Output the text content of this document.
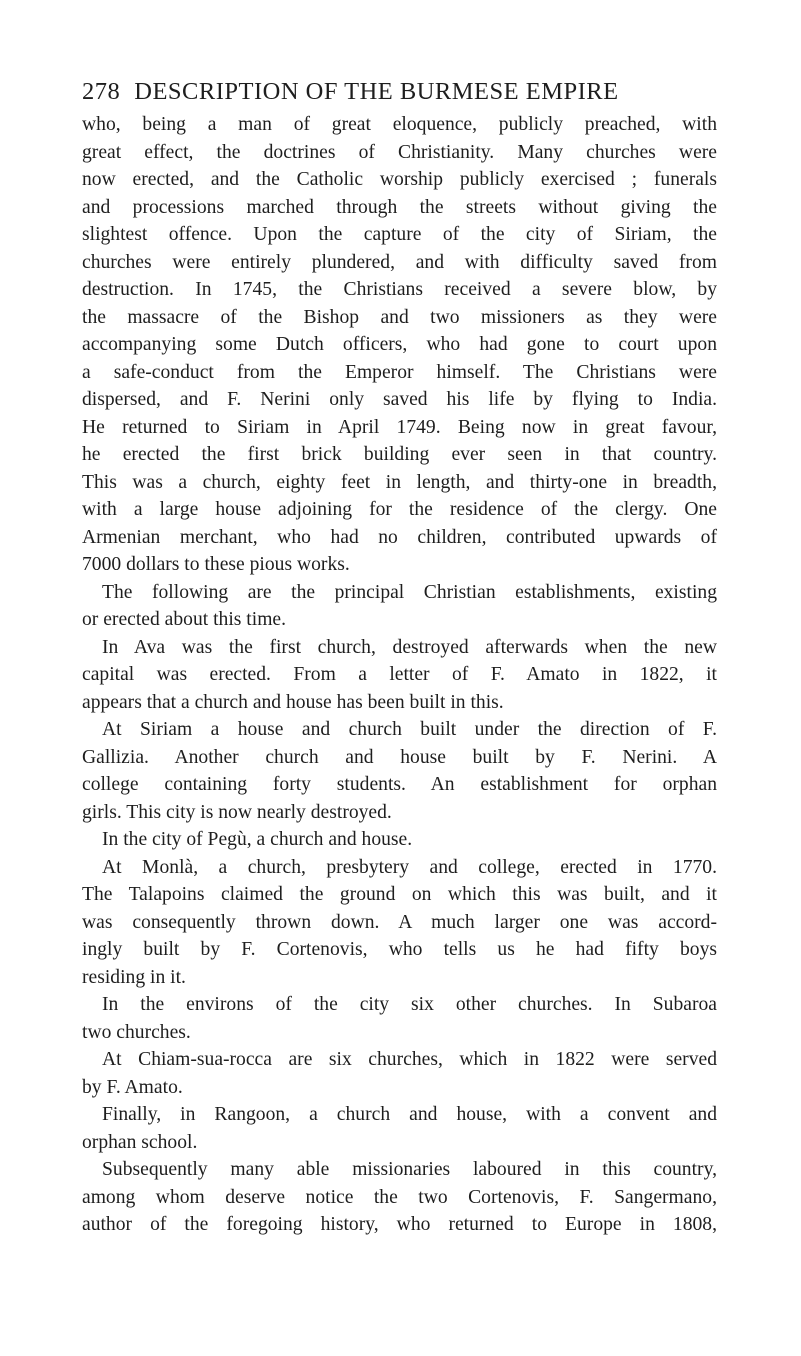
278 DESCRIPTION OF THE BURMESE EMPIRE

who, being a man of great eloquence, publicly preached, with
great effect, the doctrines of Christianity. Many churches were
now erected, and the Catholic worship publicly exercised ; funerals
and processions marched through the streets without giving the
slightest offence. Upon the capture of the city of Siriam, the
churches were entirely plundered, and with difficulty saved from
destruction. In 1745, the Christians received a severe blow, by
the massacre of the Bishop and two missioners as they were
accompanying some Dutch officers, who had gone to court upon
a safe-conduct from the Emperor himself. The Christians were
dispersed, and F. Nerini only saved his life by flying to India.
He returned to Siriam in April 1749. Being now in great favour,
he erected the first brick building ever seen in that country.
This was a church, eighty feet in length, and thirty-one in breadth,
with a large house adjoining for the residence of the clergy. One
Armenian merchant, who had no children, contributed upwards of
7000 dollars to these pious works.

The following are the principal Christian establishments, existing
or erected about this time.

In Ava was the first church, destroyed afterwards when the new
capital was erected. From a letter of F. Amato in 1822, it
appears that a church and house has been built in this.

At Siriam a house and church built under the direction of F.
Gallizia. Another church and house built by F. Nerini. A
college containing forty students. An establishment for orphan
girls. This city is now nearly destroyed.

In the city of Pegù, a church and house.

At Monlà, a church, presbytery and college, erected in 1770.
The Talapoins claimed the ground on which this was built, and it
was consequently thrown down. A much larger one was accord-
ingly built by F. Cortenovis, who tells us he had fifty boys
residing in it.

In the environs of the city six other churches. In Subaroa
two churches.

At Chiam-sua-rocca are six churches, which in 1822 were served
by F. Amato.

Finally, in Rangoon, a church and house, with a convent and
orphan school.

Subsequently many able missionaries laboured in this country,
among whom deserve notice the two Cortenovis, F. Sangermano,
author of the foregoing history, who returned to Europe in 1808,
